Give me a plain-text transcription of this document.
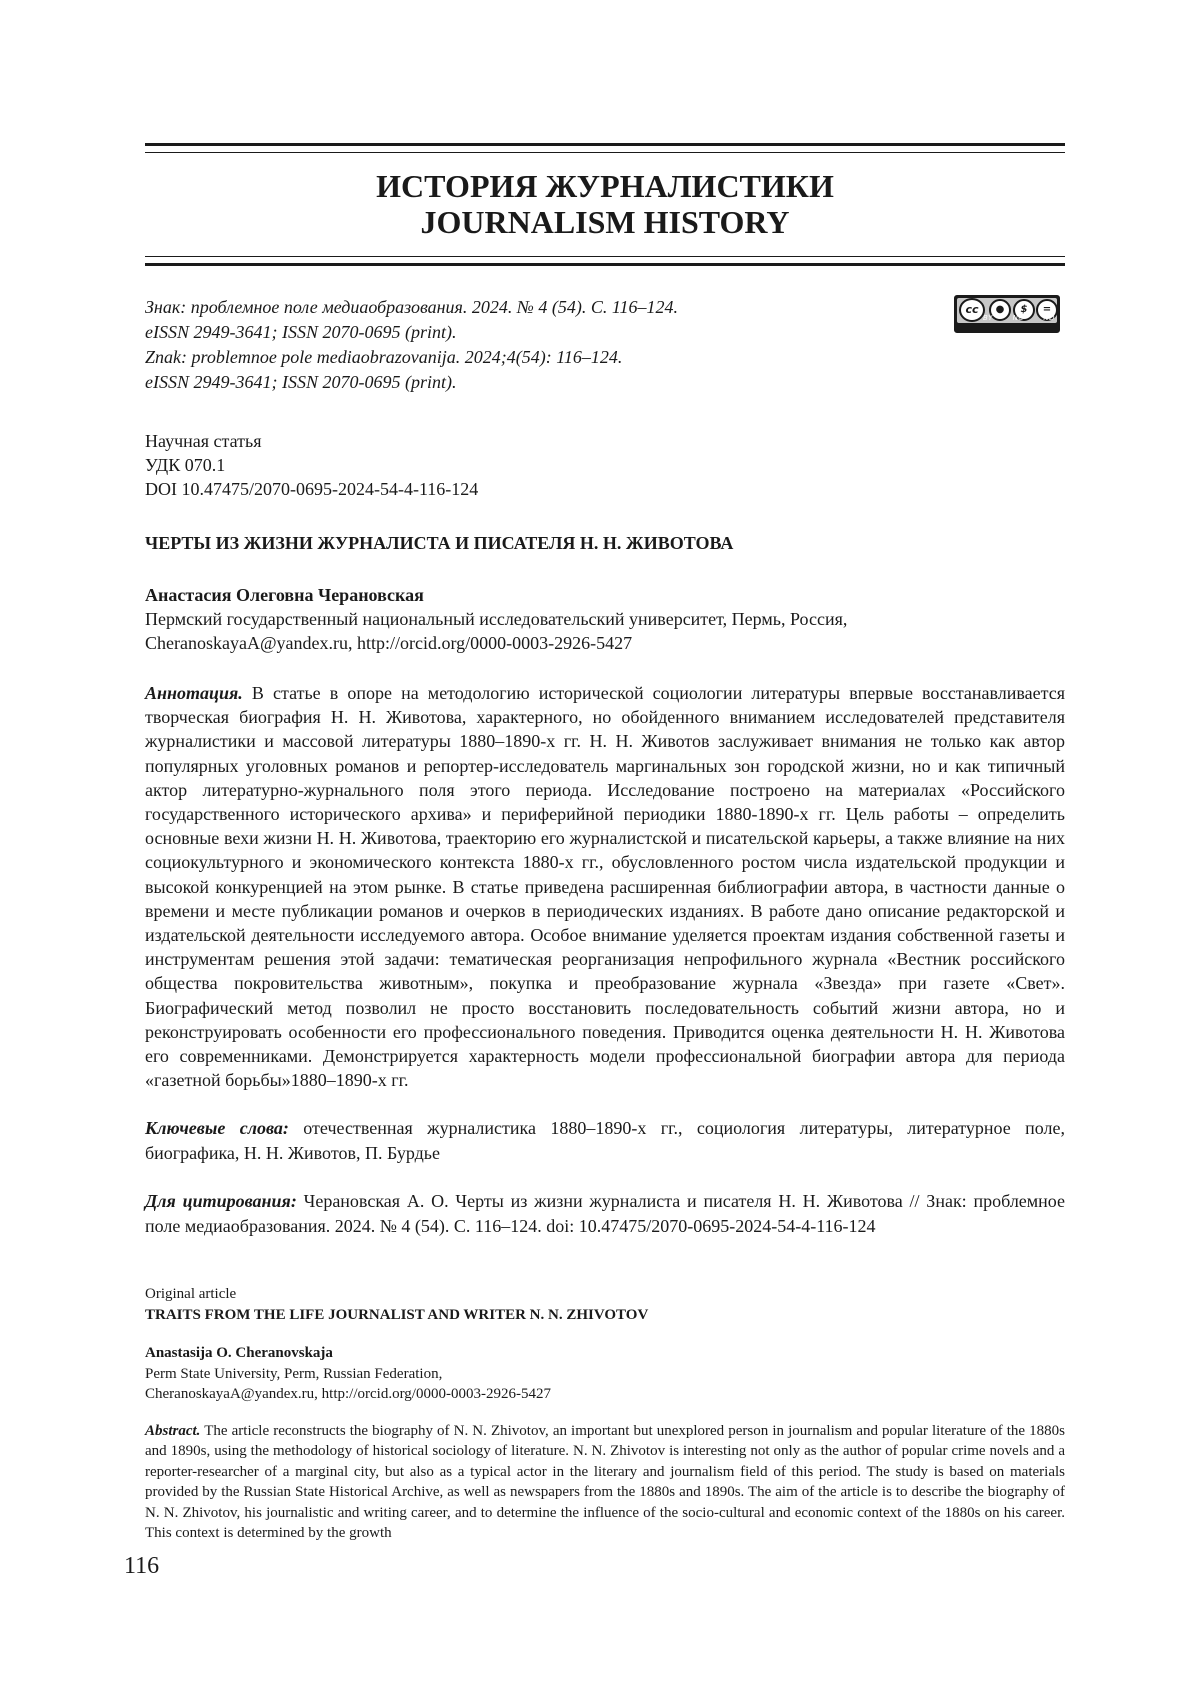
ИСТОРИЯ ЖУРНАЛИСТИКИ
JOURNALISM HISTORY

Знак: проблемное поле медиаобразования. 2024. № 4 (54). С. 116–124.

eISSN 2949-3641; ISSN 2070-0695 (print).

Znak: problemnoe pole mediaobrazovanija. 2024;4(54): 116–124.

eISSN 2949-3641; ISSN 2070-0695 (print).

cc	●	$	=
BY	NC	ND

Научная статья

УДК 070.1

DOI 10.47475/2070-0695-2024-54-4-116-124

ЧЕРТЫ ИЗ ЖИЗНИ ЖУРНАЛИСТА И ПИСАТЕЛЯ Н. Н. ЖИВОТОВА

Анастасия Олеговна Черановская

Пермский государственный национальный исследовательский университет, Пермь, Россия,

CheranoskayaA@yandex.ru, http://orcid.org/0000-0003-2926-5427

Аннотация. В статье в опоре на методологию исторической социологии литературы впервые восстанавливается творческая биография Н. Н. Животова, характерного, но обойденного вниманием исследователей представителя журналистики и массовой литературы 1880–1890-х гг. Н. Н. Животов заслуживает внимания не только как автор популярных уголовных романов и репортер-исследователь маргинальных зон городской жизни, но и как типичный актор литературно-журнального поля этого периода. Исследование построено на материалах «Российского государственного исторического архива» и периферийной периодики 1880-1890-х гг. Цель работы – определить основные вехи жизни Н. Н. Животова, траекторию его журналистской и писательской карьеры, а также влияние на них социокультурного и экономического контекста 1880-х гг., обусловленного ростом числа издательской продукции и высокой конкуренцией на этом рынке. В статье приведена расширенная библиографии автора, в частности данные о времени и месте публикации романов и очерков в периодических изданиях. В работе дано описание редакторской и издательской деятельности исследуемого автора. Особое внимание уделяется проектам издания собственной газеты и инструментам решения этой задачи: тематическая реорганизация непрофильного журнала «Вестник российского общества покровительства животным», покупка и преобразование журнала «Звезда» при газете «Свет». Биографический метод позволил не просто восстановить последовательность событий жизни автора, но и реконструировать особенности его профессионального поведения. Приводится оценка деятельности Н. Н. Животова его современниками. Демонстрируется характерность модели профессиональной биографии автора для периода «газетной борьбы»1880–1890-х гг.

Ключевые слова: отечественная журналистика 1880–1890-х гг., социология литературы, литературное поле, биографика, Н. Н. Животов, П. Бурдье

Для цитирования: Черановская А. О. Черты из жизни журналиста и писателя Н. Н. Животова // Знак: проблемное поле медиаобразования. 2024. № 4 (54). С. 116–124. doi: 10.47475/2070-0695-2024-54-4-116-124

Original article

TRAITS FROM THE LIFE JOURNALIST AND WRITER N. N. ZHIVOTOV

Anastasija O. Cheranovskaja

Perm State University, Perm, Russian Federation,

CheranoskayaA@yandex.ru, http://orcid.org/0000-0003-2926-5427

Abstract. The article reconstructs the biography of N. N. Zhivotov, an important but unexplored person in journalism and popular literature of the 1880s and 1890s, using the methodology of historical sociology of literature. N. N. Zhivotov is interesting not only as the author of popular crime novels and a reporter-researcher of a marginal city, but also as a typical actor in the literary and journalism field of this period. The study is based on materials provided by the Russian State Historical Archive, as well as newspapers from the 1880s and 1890s. The aim of the article is to describe the biography of N. N. Zhivotov, his journalistic and writing career, and to determine the influence of the socio-cultural and economic context of the 1880s on his career. This context is determined by the growth

116
